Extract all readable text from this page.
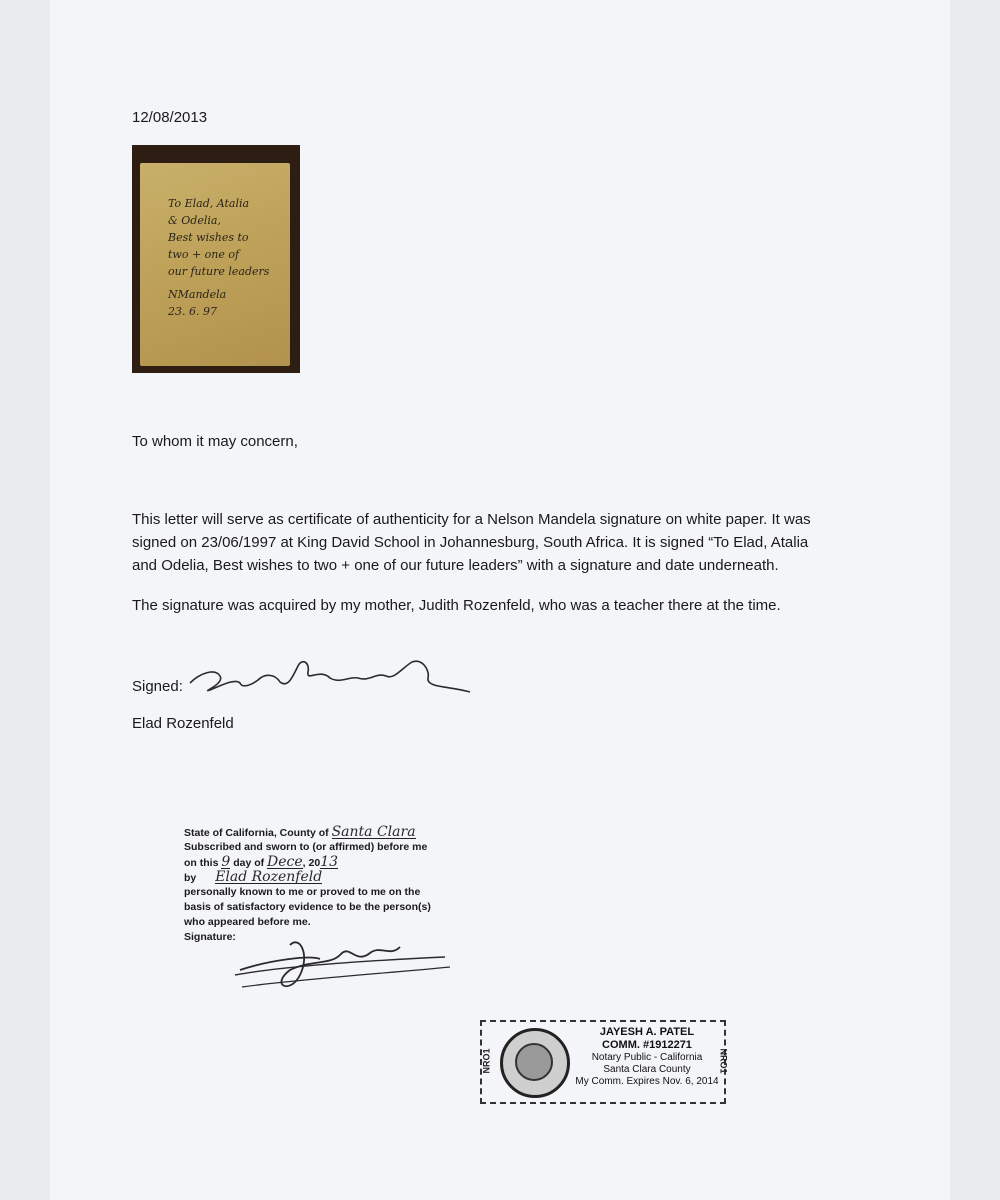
12/08/2013
To Elad, Atalia
& Odelia,
Best wishes to
two + one of
our future leaders
NMandela
23. 6. 97
To whom it may concern,
This letter will serve as certificate of authenticity for a Nelson Mandela signature on white paper. It was signed on 23/06/1997 at King David School in Johannesburg, South Africa. It is signed “To Elad, Atalia and Odelia, Best wishes to two + one of our future leaders” with a signature and date underneath.
The signature was acquired by my mother, Judith Rozenfeld, who was a teacher there at the time.
Signed:
Elad Rozenfeld
State of California, County of Santa Clara
Subscribed and sworn to (or affirmed) before me
on this 9 day of Dece, 2013
by Elad Rozenfeld
personally known to me or proved to me on the
basis of satisfactory evidence to be the person(s)
who appeared before me.
Signature:
NRO1
JAYESH A. PATEL
COMM. #1912271
Notary Public - California
Santa Clara County
My Comm. Expires Nov. 6, 2014
NRO1
